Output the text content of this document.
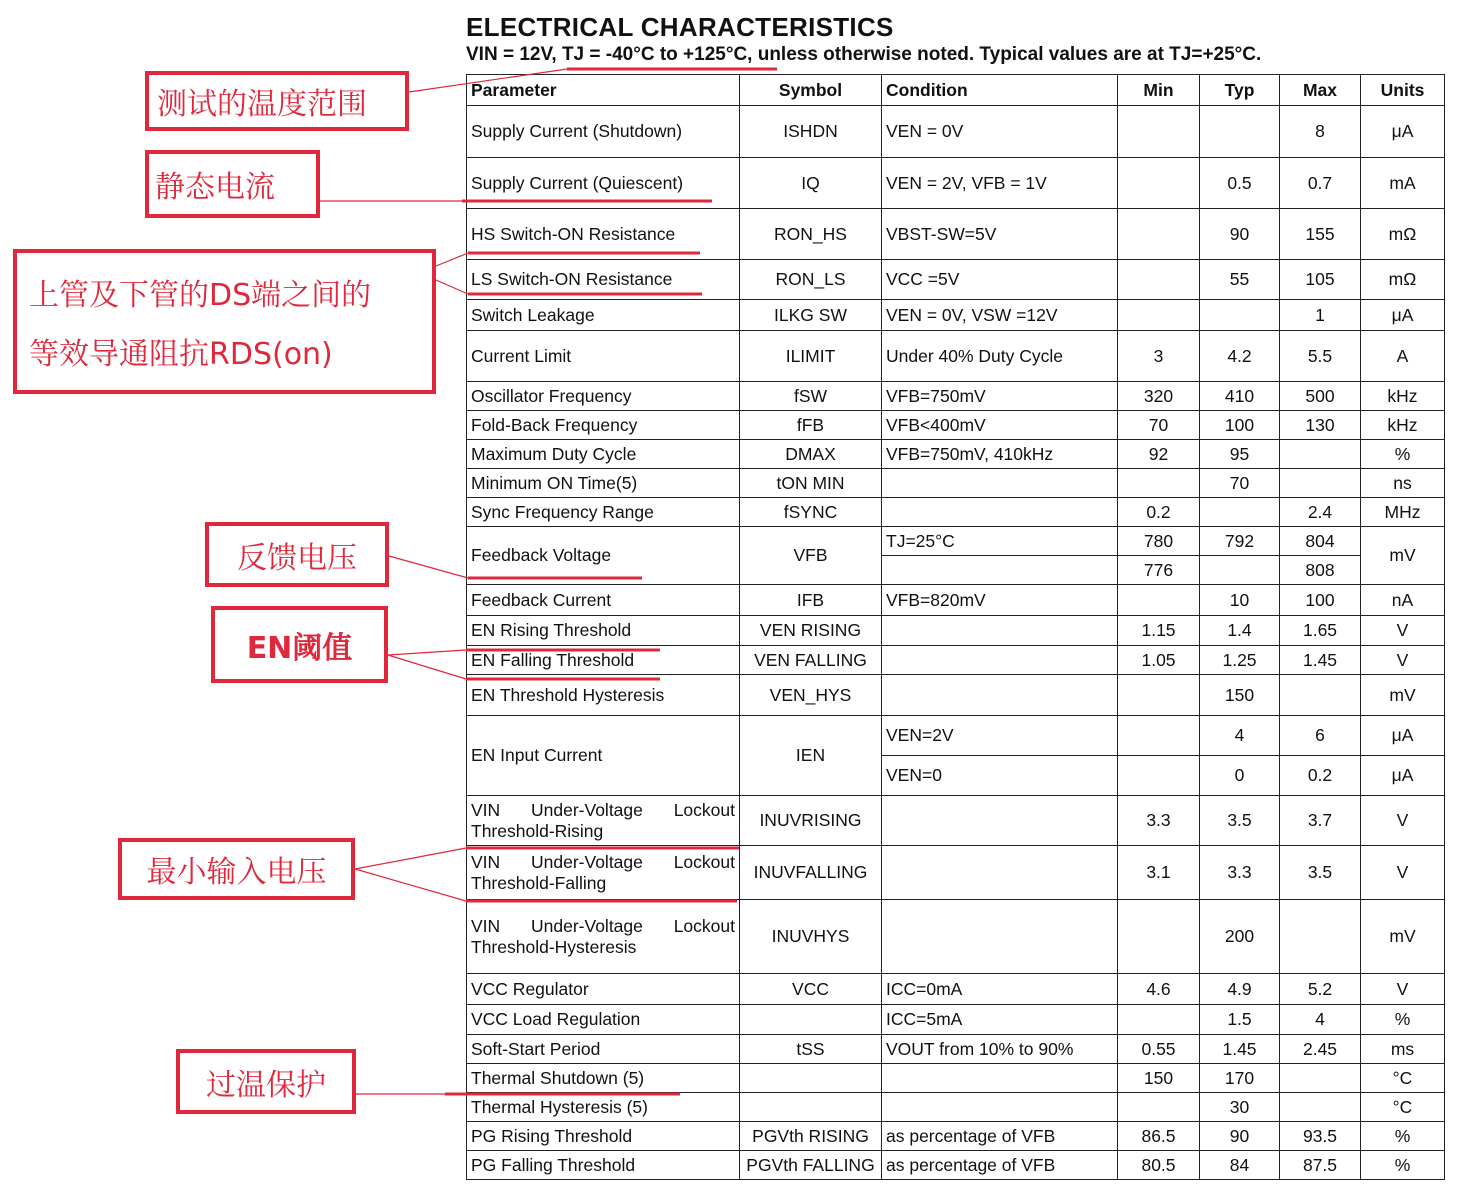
ELECTRICAL CHARACTERISTICS
VIN = 12V, TJ = -40°C to +125°C, unless otherwise noted. Typical values are at TJ=+25°C.
Parameter	Symbol	Condition	Min	Typ	Max	Units
Supply Current (Shutdown)	ISHDN	VEN = 0V			8	μA
Supply Current (Quiescent)	IQ	VEN = 2V, VFB = 1V		0.5	0.7	mA
HS Switch-ON Resistance	RON_HS	VBST-SW=5V		90	155	mΩ
LS Switch-ON Resistance	RON_LS	VCC =5V		55	105	mΩ
Switch Leakage	ILKG SW	VEN = 0V, VSW =12V			1	μA
Current Limit	ILIMIT	Under 40% Duty Cycle	3	4.2	5.5	A
Oscillator Frequency	fSW	VFB=750mV	320	410	500	kHz
Fold-Back Frequency	fFB	VFB<400mV	70	100	130	kHz
Maximum Duty Cycle	DMAX	VFB=750mV, 410kHz	92	95		%
Minimum ON Time(5)	tON MIN			70		ns
Sync Frequency Range	fSYNC		0.2		2.4	MHz
Feedback Voltage	VFB	TJ=25°C	780	792	804	mV
			776		808	
Feedback Current	IFB	VFB=820mV		10	100	nA
EN Rising Threshold	VEN RISING		1.15	1.4	1.65	V
EN Falling Threshold	VEN FALLING		1.05	1.25	1.45	V
EN Threshold Hysteresis	VEN_HYS			150		mV
EN Input Current	IEN	VEN=2V		4	6	μA
		VEN=0		0	0.2	μA
VIN Under-Voltage Lockout Threshold-Rising	INUVRISING		3.3	3.5	3.7	V
VIN Under-Voltage Lockout Threshold-Falling	INUVFALLING		3.1	3.3	3.5	V
VIN Under-Voltage Lockout Threshold-Hysteresis	INUVHYS			200		mV
VCC Regulator	VCC	ICC=0mA	4.6	4.9	5.2	V
VCC Load Regulation		ICC=5mA		1.5	4	%
Soft-Start Period	tSS	VOUT from 10% to 90%	0.55	1.45	2.45	ms
Thermal Shutdown (5)			150	170		°C
Thermal Hysteresis (5)				30		°C
PG Rising Threshold	PGVth RISING	as percentage of VFB	86.5	90	93.5	%
PG Falling Threshold	PGVth FALLING	as percentage of VFB	80.5	84	87.5	%
测试的温度范围
静态电流
上管及下管的DS端之间的
等效导通阻抗RDS(on)
反馈电压
EN阈值
最小输入电压
过温保护
